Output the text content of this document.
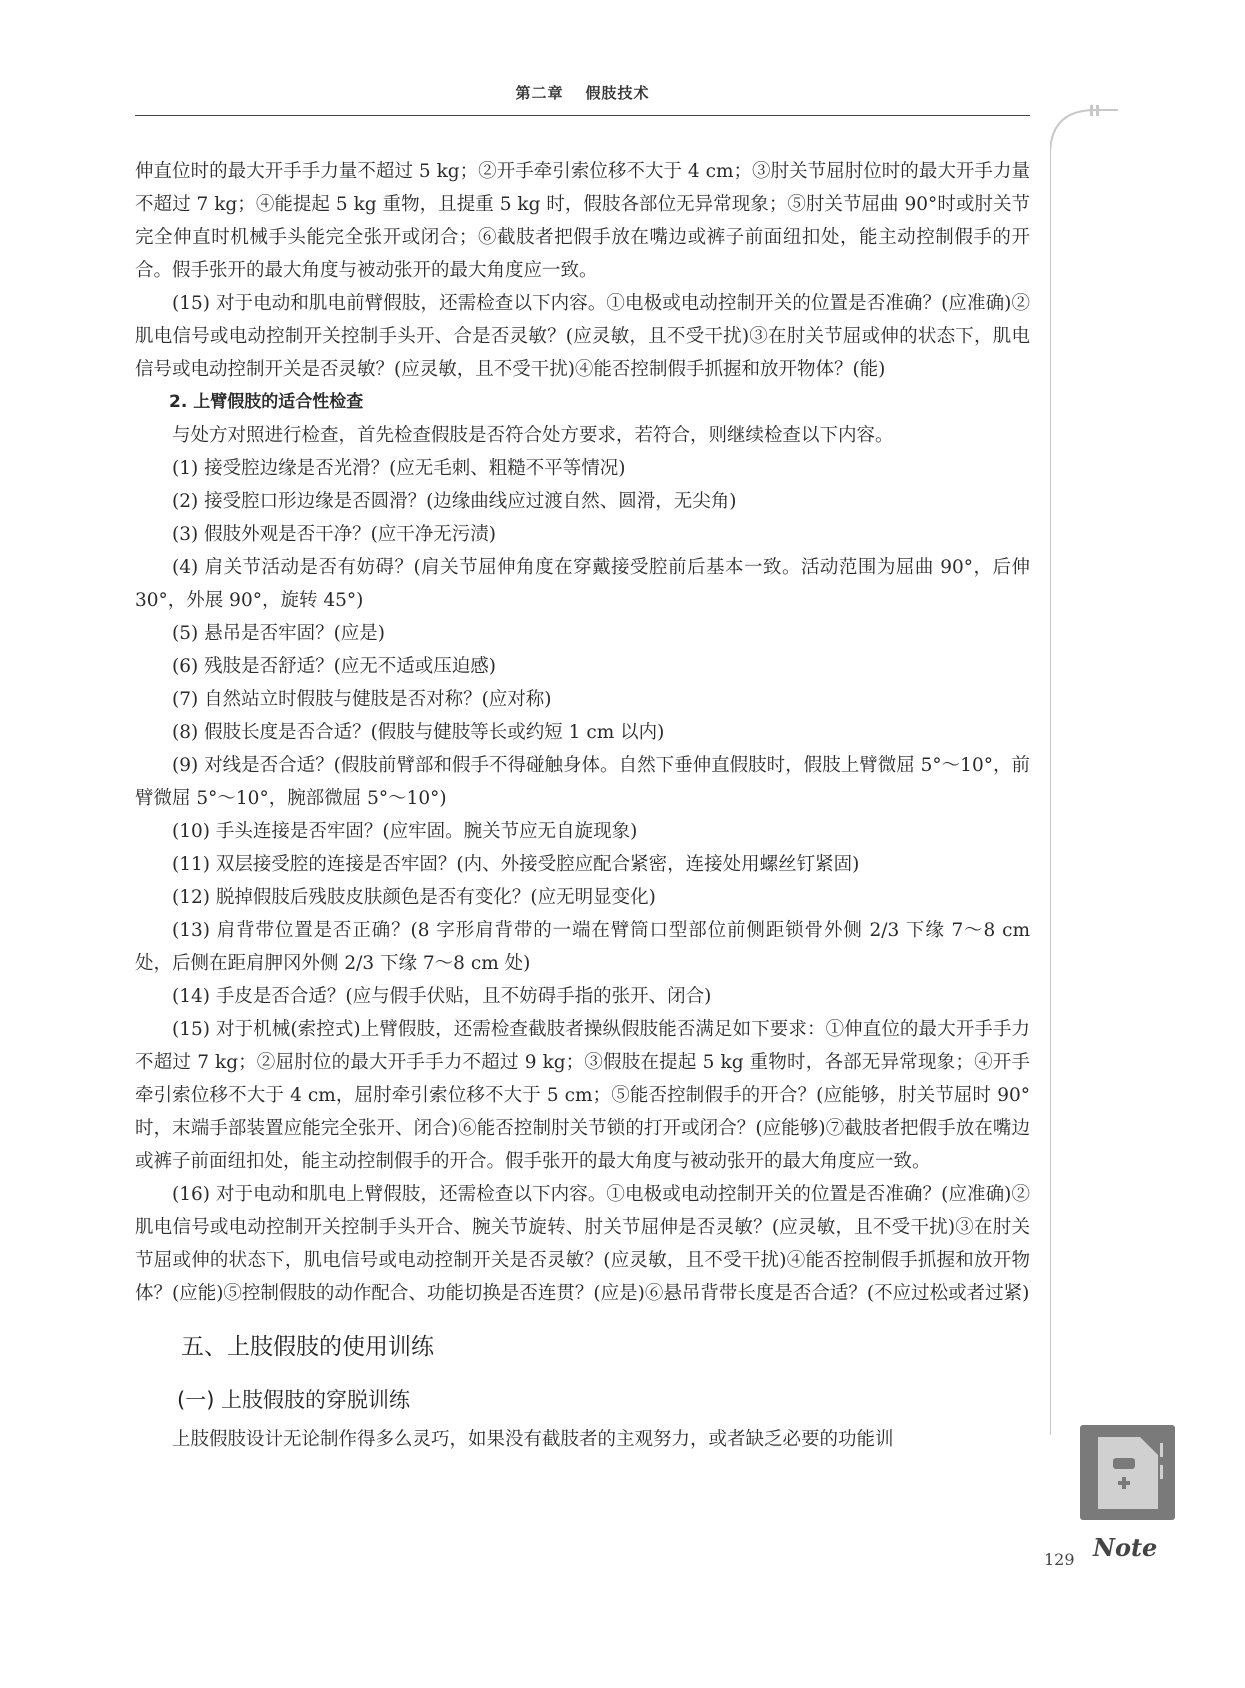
第二章 假肢技术

伸直位时的最大开手手力量不超过 5 kg；②开手牵引索位移不大于 4 cm；③肘关节屈肘位时的最大开手力量不超过 7 kg；④能提起 5 kg 重物，且提重 5 kg 时，假肢各部位无异常现象；⑤肘关节屈曲 90°时或肘关节完全伸直时机械手头能完全张开或闭合；⑥截肢者把假手放在嘴边或裤子前面纽扣处，能主动控制假手的开合。假手张开的最大角度与被动张开的最大角度应一致。

(15) 对于电动和肌电前臂假肢，还需检查以下内容。①电极或电动控制开关的位置是否准确？(应准确)②肌电信号或电动控制开关控制手头开、合是否灵敏？(应灵敏，且不受干扰)③在肘关节屈或伸的状态下，肌电信号或电动控制开关是否灵敏？(应灵敏，且不受干扰)④能否控制假手抓握和放开物体？(能)

2. 上臂假肢的适合性检查

与处方对照进行检查，首先检查假肢是否符合处方要求，若符合，则继续检查以下内容。

(1) 接受腔边缘是否光滑？(应无毛刺、粗糙不平等情况)

(2) 接受腔口形边缘是否圆滑？(边缘曲线应过渡自然、圆滑，无尖角)

(3) 假肢外观是否干净？(应干净无污渍)

(4) 肩关节活动是否有妨碍？(肩关节屈伸角度在穿戴接受腔前后基本一致。活动范围为屈曲 90°，后伸 30°，外展 90°，旋转 45°)

(5) 悬吊是否牢固？(应是)

(6) 残肢是否舒适？(应无不适或压迫感)

(7) 自然站立时假肢与健肢是否对称？(应对称)

(8) 假肢长度是否合适？(假肢与健肢等长或约短 1 cm 以内)

(9) 对线是否合适？(假肢前臂部和假手不得碰触身体。自然下垂伸直假肢时，假肢上臂微屈 5°～10°，前臂微屈 5°～10°，腕部微屈 5°～10°)

(10) 手头连接是否牢固？(应牢固。腕关节应无自旋现象)

(11) 双层接受腔的连接是否牢固？(内、外接受腔应配合紧密，连接处用螺丝钉紧固)

(12) 脱掉假肢后残肢皮肤颜色是否有变化？(应无明显变化)

(13) 肩背带位置是否正确？(8 字形肩背带的一端在臂筒口型部位前侧距锁骨外侧 2/3 下缘 7～8 cm 处，后侧在距肩胛冈外侧 2/3 下缘 7～8 cm 处)

(14) 手皮是否合适？(应与假手伏贴，且不妨碍手指的张开、闭合)

(15) 对于机械(索控式)上臂假肢，还需检查截肢者操纵假肢能否满足如下要求：①伸直位的最大开手手力不超过 7 kg；②屈肘位的最大开手手力不超过 9 kg；③假肢在提起 5 kg 重物时，各部无异常现象；④开手牵引索位移不大于 4 cm，屈肘牵引索位移不大于 5 cm；⑤能否控制假手的开合？(应能够，肘关节屈时 90°时，末端手部装置应能完全张开、闭合)⑥能否控制肘关节锁的打开或闭合？(应能够)⑦截肢者把假手放在嘴边或裤子前面纽扣处，能主动控制假手的开合。假手张开的最大角度与被动张开的最大角度应一致。

(16) 对于电动和肌电上臂假肢，还需检查以下内容。①电极或电动控制开关的位置是否准确？(应准确)②肌电信号或电动控制开关控制手头开合、腕关节旋转、肘关节屈伸是否灵敏？(应灵敏，且不受干扰)③在肘关节屈或伸的状态下，肌电信号或电动控制开关是否灵敏？(应灵敏，且不受干扰)④能否控制假手抓握和放开物体？(应能)⑤控制假肢的动作配合、功能切换是否连贯？(应是)⑥悬吊背带长度是否合适？(不应过松或者过紧)

五、上肢假肢的使用训练
(一) 上肢假肢的穿脱训练

上肢假肢设计无论制作得多么灵巧，如果没有截肢者的主观努力，或者缺乏必要的功能训

Note
129
